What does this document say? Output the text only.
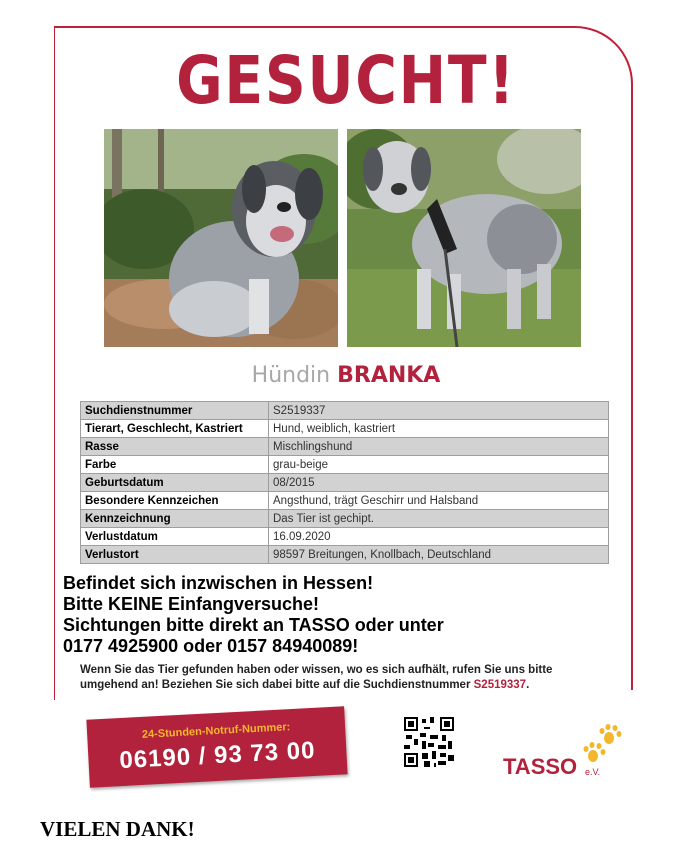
GESUCHT!
Hündin BRANKA
Suchdienstnummer	S2519337
Tierart, Geschlecht, Kastriert	Hund, weiblich, kastriert
Rasse	Mischlingshund
Farbe	grau-beige
Geburtsdatum	08/2015
Besondere Kennzeichen	Angsthund, trägt Geschirr und Halsband
Kennzeichnung	Das Tier ist gechipt.
Verlustdatum	16.09.2020
Verlustort	98597 Breitungen, Knollbach, Deutschland
Befindet sich inzwischen in Hessen!
Bitte KEINE Einfangversuche!
Sichtungen bitte direkt an TASSO oder unter
0177 4925900 oder 0157 84940089!
Wenn Sie das Tier gefunden haben oder wissen, wo es sich aufhält, rufen Sie uns bitte
umgehend an! Beziehen Sie sich dabei bitte auf die Suchdienstnummer S2519337.
24-Stunden-Notruf-Nummer:
06190 / 93 73 00	TASSO e.V.
VIELEN DANK!
